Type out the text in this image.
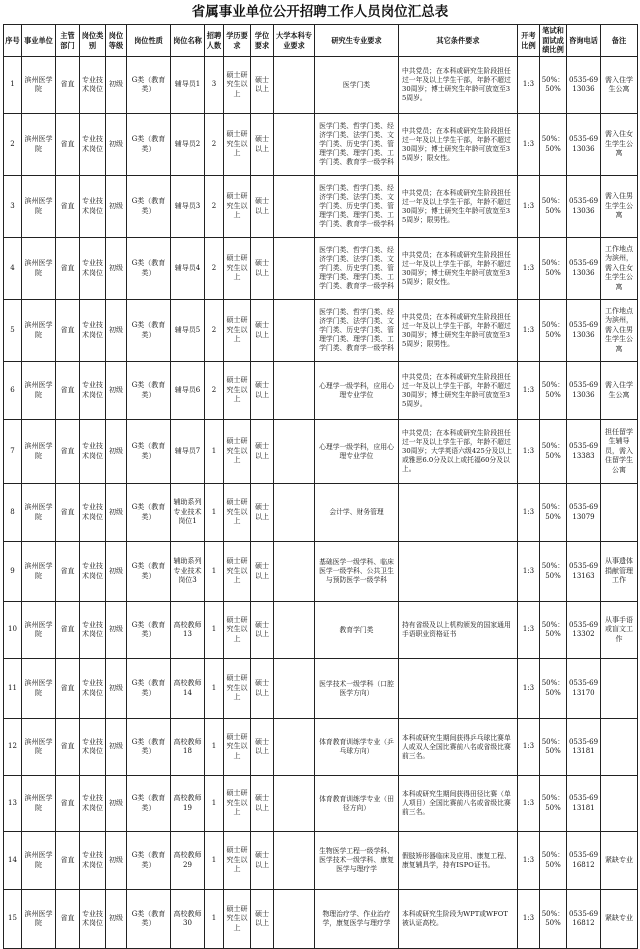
省属事业单位公开招聘工作人员岗位汇总表
序号	事业单位	主管部门	岗位类别	岗位等级	岗位性质	岗位名称	招聘人数	学历要求	学位要求	大学本科专业要求	研究生专业要求	其它条件要求	开考比例	笔试和面试成绩比例	咨询电话	备注
1	滨州医学院	省直	专业技术岗位	初级	G类（教育类）	辅导员1	3	硕士研究生以上	硕士以上		医学门类	中共党员；在本科或研究生阶段担任过一年及以上学生干部，年龄不超过30周岁；博士研究生年龄可放宽至35周岁。	1:3	50%：50%	0535-6913036	需入住学生公寓
2	滨州医学院	省直	专业技术岗位	初级	G类（教育类）	辅导员2	2	硕士研究生以上	硕士以上		医学门类、哲学门类、经济学门类、法学门类、文学门类、历史学门类、管理学门类、理学门类、工学门类、教育学一级学科	中共党员；在本科或研究生阶段担任过一年及以上学生干部，年龄不超过30周岁；博士研究生年龄可放宽至35周岁；限女性。	1:3	50%：50%	0535-6913036	需入住女生学生公寓
3	滨州医学院	省直	专业技术岗位	初级	G类（教育类）	辅导员3	2	硕士研究生以上	硕士以上		医学门类、哲学门类、经济学门类、法学门类、文学门类、历史学门类、管理学门类、理学门类、工学门类、教育学一级学科	中共党员；在本科或研究生阶段担任过一年及以上学生干部，年龄不超过30周岁；博士研究生年龄可放宽至35周岁；限男性。	1:3	50%：50%	0535-6913036	需入住男生学生公寓
4	滨州医学院	省直	专业技术岗位	初级	G类（教育类）	辅导员4	2	硕士研究生以上	硕士以上		医学门类、哲学门类、经济学门类、法学门类、文学门类、历史学门类、管理学门类、理学门类、工学门类、教育学一级学科	中共党员；在本科或研究生阶段担任过一年及以上学生干部，年龄不超过30周岁；博士研究生年龄可放宽至35周岁；限女性。	1:3	50%：50%	0535-6913036	工作地点为滨州，需入住女生学生公寓
5	滨州医学院	省直	专业技术岗位	初级	G类（教育类）	辅导员5	2	硕士研究生以上	硕士以上		医学门类、哲学门类、经济学门类、法学门类、文学门类、历史学门类、管理学门类、理学门类、工学门类、教育学一级学科	中共党员；在本科或研究生阶段担任过一年及以上学生干部，年龄不超过30周岁；博士研究生年龄可放宽至35周岁；限男性。	1:3	50%：50%	0535-6913036	工作地点为滨州，需入住男生学生公寓
6	滨州医学院	省直	专业技术岗位	初级	G类（教育类）	辅导员6	2	硕士研究生以上	硕士以上		心理学一级学科，应用心理专业学位	中共党员；在本科或研究生阶段担任过一年及以上学生干部，年龄不超过30周岁；博士研究生年龄可放宽至35周岁。	1:3	50%：50%	0535-6913036	需入住学生公寓
7	滨州医学院	省直	专业技术岗位	初级	G类（教育类）	辅导员7	1	硕士研究生以上	硕士以上		心理学一级学科，应用心理专业学位	中共党员；在本科或研究生阶段担任过一年及以上学生干部，年龄不超过30周岁；大学英语六级425分及以上或雅思6.0分及以上或托福60分及以上。	1:3	50%：50%	0535-6913383	担任留学生辅导员，需入住留学生公寓
8	滨州医学院	省直	专业技术岗位	初级	G类（教育类）	辅助系列专业技术岗位1	1	硕士研究生以上	硕士以上		会计学、财务管理		1:3	50%：50%	0535-6913079	
9	滨州医学院	省直	专业技术岗位	初级	G类（教育类）	辅助系列专业技术岗位3	1	硕士研究生以上	硕士以上		基础医学一级学科、临床医学一级学科、公共卫生与预防医学一级学科		1:3	50%：50%	0535-6913163	从事遗体捐献管理工作
10	滨州医学院	省直	专业技术岗位	初级	G类（教育类）	高校教师13	1	硕士研究生以上	硕士以上		教育学门类	持有省级及以上机构颁发的国家通用手语职业资格证书	1:3	50%：50%	0535-6913302	从事手语或盲文工作
11	滨州医学院	省直	专业技术岗位	初级	G类（教育类）	高校教师14	1	硕士研究生以上	硕士以上		医学技术一级学科（口腔医学方向）		1:3	50%：50%	0535-6913170	
12	滨州医学院	省直	专业技术岗位	初级	G类（教育类）	高校教师18	1	硕士研究生以上	硕士以上		体育教育训练学专业（乒乓球方向）	本科或研究生期间获得乒乓球比赛单人或双人全国比赛前八名或省级比赛前三名。	1:3	50%：50%	0535-6913181	
13	滨州医学院	省直	专业技术岗位	初级	G类（教育类）	高校教师19	1	硕士研究生以上	硕士以上		体育教育训练学专业（田径方向）	本科或研究生期间获得田径比赛（单人项目）全国比赛前八名或省级比赛前三名。	1:3	50%：50%	0535-6913181	
14	滨州医学院	省直	专业技术岗位	初级	G类（教育类）	高校教师29	1	硕士研究生以上	硕士以上		生物医学工程一级学科、医学技术一级学科、康复医学与理疗学	假肢矫形器临床及应用、康复工程、康复辅具学，持有ISPO证书。	1:3	50%：50%	0535-6916812	紧缺专业
15	滨州医学院	省直	专业技术岗位	初级	G类（教育类）	高校教师30	1	硕士研究生以上	硕士以上		物理治疗学、作业治疗学，康复医学与理疗学	本科或研究生阶段为WPT或WFOT被认证高校。	1:3	50%：50%	0535-6916812	紧缺专业
